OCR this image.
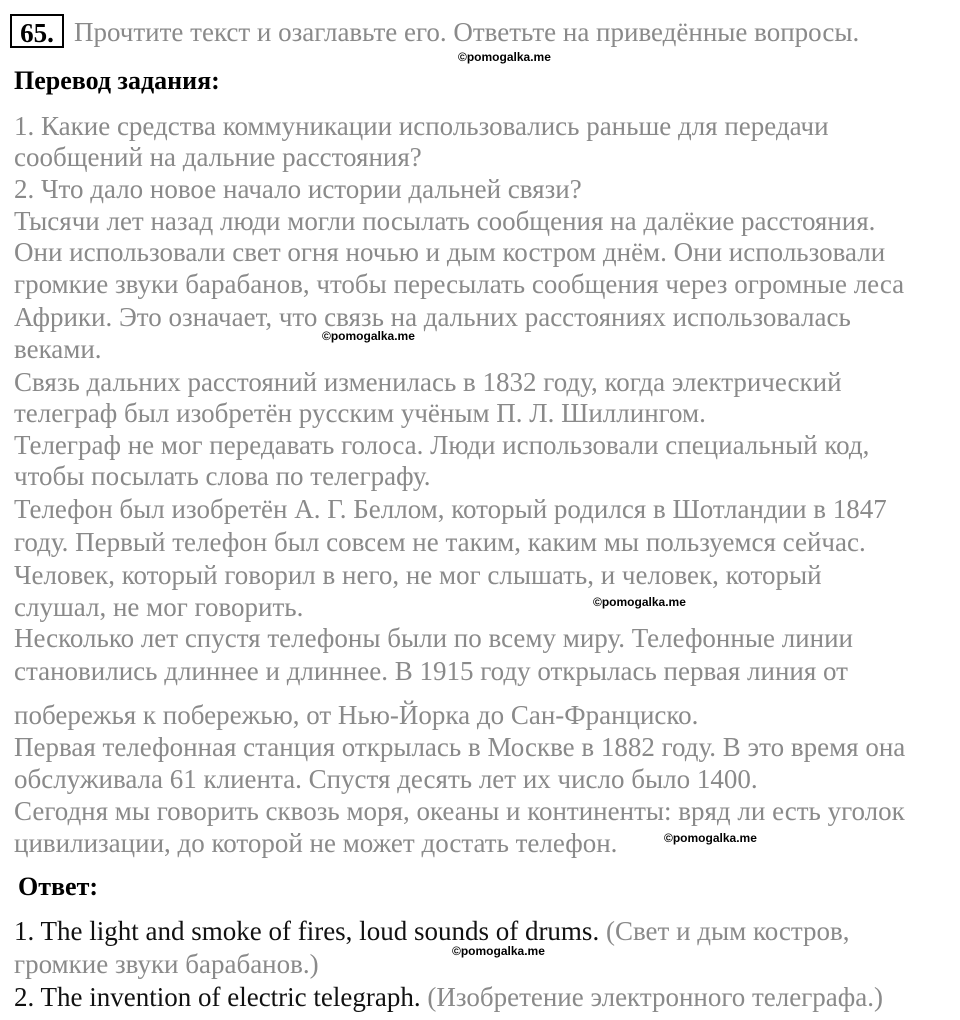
65. Прочтите текст и озаглавьте его. Ответьте на приведённые вопросы.
©pomogalka.me
Перевод задания:
1. Какие средства коммуникации использовались раньше для передачи
сообщений на дальние расстояния?
2. Что дало новое начало истории дальней связи?
Тысячи лет назад люди могли посылать сообщения на далёкие расстояния.
Они использовали свет огня ночью и дым костром днём. Они использовали
громкие звуки барабанов, чтобы пересылать сообщения через огромные леса
Африки. Это означает, что связь на дальних расстояниях использовалась
веками.	©pomogalka.me
Связь дальних расстояний изменилась в 1832 году, когда электрический
телеграф был изобретён русским учёным П. Л. Шиллингом.
Телеграф не мог передавать голоса. Люди использовали специальный код,
чтобы посылать слова по телеграфу.
Телефон был изобретён А. Г. Беллом, который родился в Шотландии в 1847
году. Первый телефон был совсем не таким, каким мы пользуемся сейчас.
Человек, который говорил в него, не мог слышать, и человек, который
слушал, не мог говорить.	©pomogalka.me
Несколько лет спустя телефоны были по всему миру. Телефонные линии
становились длиннее и длиннее. В 1915 году открылась первая линия от
побережья к побережью, от Нью-Йорка до Сан-Франциско.
Первая телефонная станция открылась в Москве в 1882 году. В это время она
обслуживала 61 клиента. Спустя десять лет их число было 1400.
Сегодня мы говорить сквозь моря, океаны и континенты: вряд ли есть уголок
цивилизации, до которой не может достать телефон.	©pomogalka.me
Ответ:
1. The light and smoke of fires, loud sounds of drums. (Свет и дым костров,
©pomogalka.me
громкие звуки барабанов.)
2. The invention of electric telegraph. (Изобретение электронного телеграфа.)
